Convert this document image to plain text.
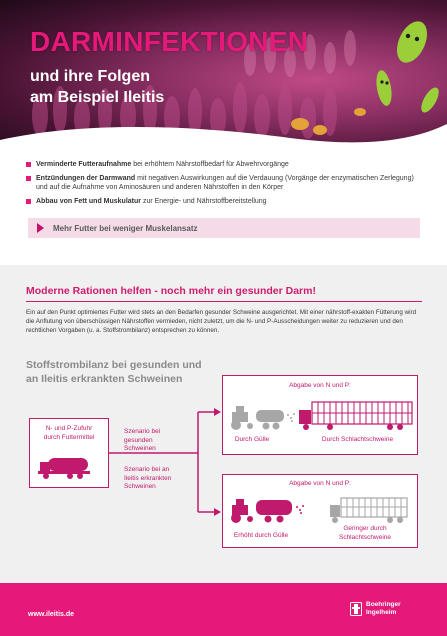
DARMINFEKTIONEN
und ihre Folgen
am Beispiel Ileitis
Verminderte Futteraufnahme bei erhöhtem Nährstoffbedarf für Abwehrvorgänge
Entzündungen der Darmwand mit negativen Auswirkungen auf die Verdauung (Vorgänge der enzymatischen Zerlegung) und auf die Aufnahme von Aminosäuren und anderen Nährstoffen in den Körper
Abbau von Fett und Muskulatur zur Energie- und Nährstoffbereitstellung
Mehr Futter bei weniger Muskelansatz
Moderne Rationen helfen - noch mehr ein gesunder Darm!
Ein auf den Punkt optimiertes Futter wird stets an den Bedarfen gesunder Schweine ausgerichtet. Mit einer nährstoff-exakten Fütterung wird die Anflutung von überschüssigen Nährstoffen vermieden, nicht zuletzt, um die N- und P-Ausscheidungen weiter zu reduzieren und den rechtlichen Vorgaben (u. a. Stoffstrombilanz) entsprechen zu können.
Stoffstrombilanz bei gesunden und
an Ileitis erkrankten Schweinen
N- und P-Zufuhr
durch Futtermittel
Szenario bei
gesunden
Schweinen
Szenario bei an
Ileitis erkrankten
Schweinen
Abgabe von N und P:
Durch Gülle	Durch Schlachtschweine
Abgabe von N und P:
Erhöht durch Gülle
Geringer durch
Schlachtschweine
www.ileitis.de
Boehringer
Ingelheim
